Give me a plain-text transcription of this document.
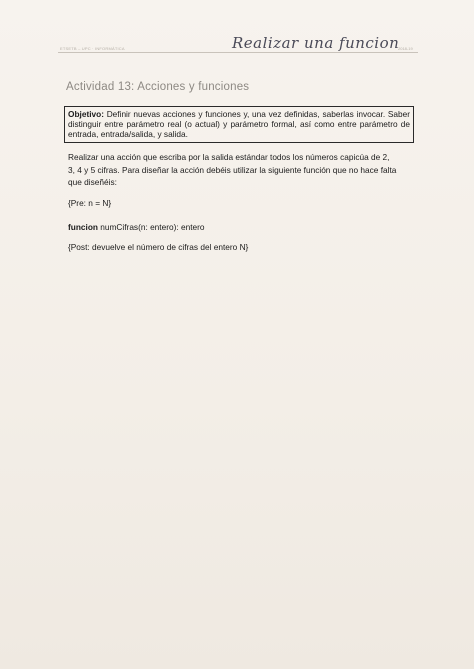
ETSETB – UPC · INFORMÀTICA	2018-19
Realizar una funcion
Actividad 13: Acciones y funciones
Objetivo: Definir nuevas acciones y funciones y, una vez definidas, saberlas invocar. Saber distinguir entre parámetro real (o actual) y parámetro formal, así como entre parámetro de entrada, entrada/salida, y salida.
Realizar una acción que escriba por la salida estándar todos los números capicúa de 2, 3, 4 y 5 cifras. Para diseñar la acción debéis utilizar la siguiente función que no hace falta que diseñéis:
{Pre: n = N}
funcion numCifras(n: entero): entero
{Post: devuelve el número de cifras del entero N}
